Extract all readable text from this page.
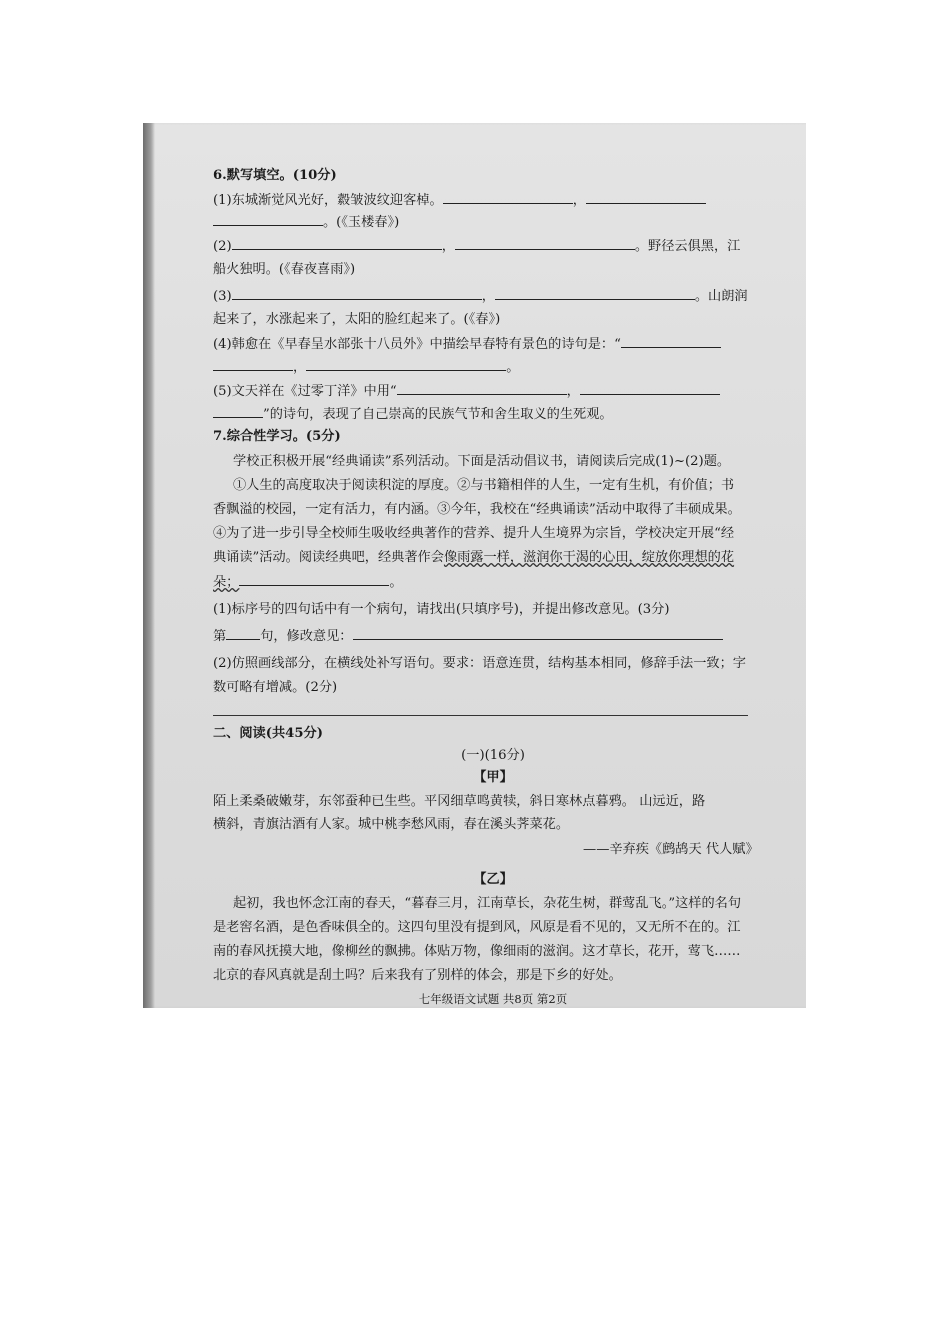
6.默写填空。(10分)
(1)东城渐觉风光好，縠皱波纹迎客棹。	，
。(《玉楼春》)
(2)	，	。野径云俱黑，江
船火独明。(《春夜喜雨》)
(3)	，	。山朗润
起来了，水涨起来了，太阳的脸红起来了。(《春》)
(4)韩愈在《早春呈水部张十八员外》中描绘早春特有景色的诗句是：“
，	。
(5)文天祥在《过零丁洋》中用“	，
”的诗句，表现了自己崇高的民族气节和舍生取义的生死观。
7.综合性学习。(5分)
学校正积极开展“经典诵读”系列活动。下面是活动倡议书，请阅读后完成(1)~(2)题。
①人生的高度取决于阅读积淀的厚度。②与书籍相伴的人生，一定有生机，有价值；书
香飘溢的校园，一定有活力，有内涵。③今年，我校在“经典诵读”活动中取得了丰硕成果。
④为了进一步引导全校师生吸收经典著作的营养、提升人生境界为宗旨，学校决定开展“经
典诵读”活动。阅读经典吧，经典著作会像雨露一样，滋润你干渴的心田，绽放你理想的花
朵；	。
(1)标序号的四句话中有一个病句，请找出(只填序号)，并提出修改意见。(3分)
第	句，修改意见：
(2)仿照画线部分，在横线处补写语句。要求：语意连贯，结构基本相同，修辞手法一致；字
数可略有增减。(2分)
二、阅读(共45分)
(一)(16分)
【甲】
陌上柔桑破嫩芽，东邻蚕种已生些。平冈细草鸣黄犊，斜日寒林点暮鸦。 山远近，路
横斜，青旗沽酒有人家。城中桃李愁风雨，春在溪头荠菜花。
——辛弃疾《鹧鸪天 代人赋》
【乙】
起初，我也怀念江南的春天，“暮春三月，江南草长，杂花生树，群莺乱飞。”这样的名句
是老窖名酒，是色香味俱全的。这四句里没有提到风，风原是看不见的，又无所不在的。江
南的春风抚摸大地，像柳丝的飘拂。体贴万物，像细雨的滋润。这才草长，花开，莺飞……
北京的春风真就是刮土吗？后来我有了别样的体会，那是下乡的好处。
七年级语文试题 共8页 第2页
